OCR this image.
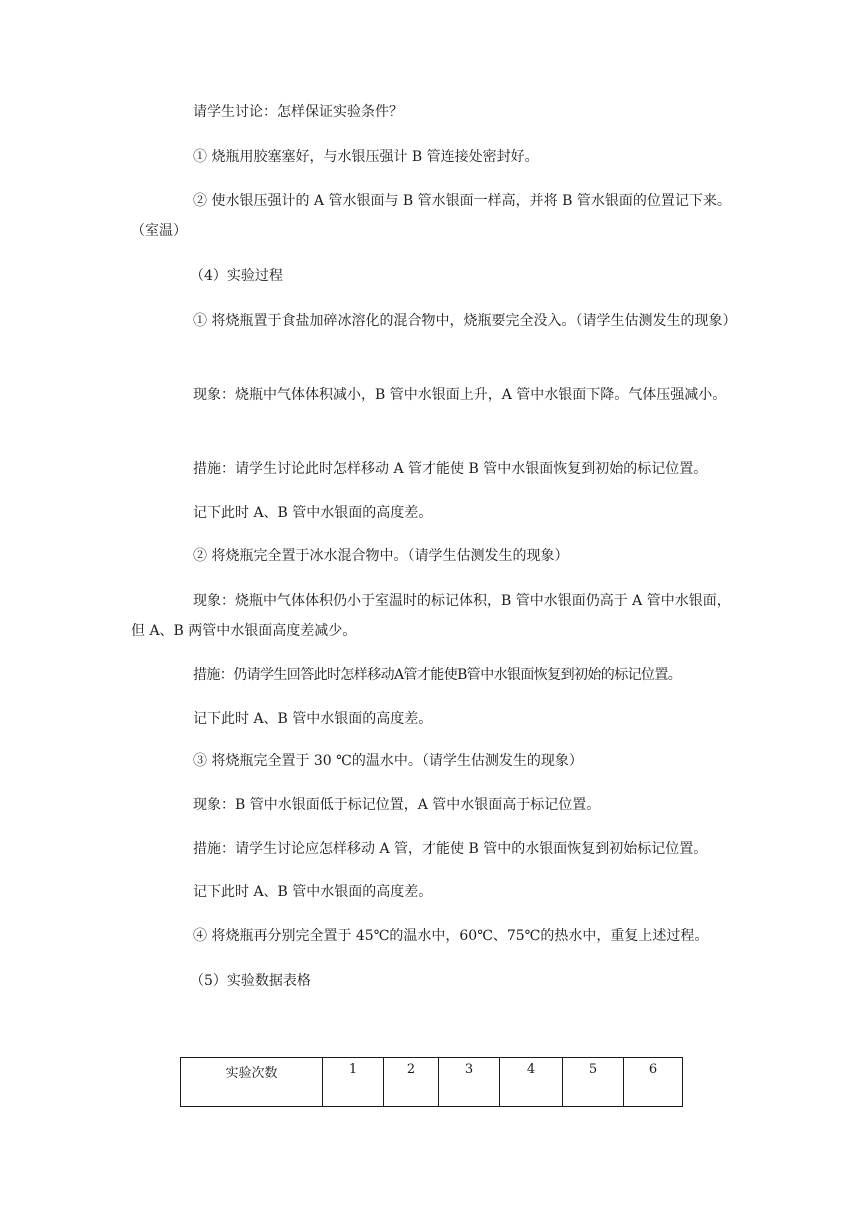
请学生讨论：怎样保证实验条件？

① 烧瓶用胶塞塞好，与水银压强计 B 管连接处密封好。

② 使水银压强计的 A 管水银面与 B 管水银面一样高，并将 B 管水银面的位置记下来。（室温）

（4）实验过程

① 将烧瓶置于食盐加碎冰溶化的混合物中，烧瓶要完全没入。（请学生估测发生的现象）

现象：烧瓶中气体体积减小，B 管中水银面上升，A 管中水银面下降。气体压强减小。

措施：请学生讨论此时怎样移动 A 管才能使 B 管中水银面恢复到初始的标记位置。

记下此时 A、B 管中水银面的高度差。

② 将烧瓶完全置于冰水混合物中。（请学生估测发生的现象）

现象：烧瓶中气体体积仍小于室温时的标记体积，B 管中水银面仍高于 A 管中水银面，但 A、B 两管中水银面高度差减少。

措施：仍请学生回答此时怎样移动A管才能使B管中水银面恢复到初始的标记位置。

记下此时 A、B 管中水银面的高度差。

③ 将烧瓶完全置于 30 ℃的温水中。（请学生估测发生的现象）

现象：B 管中水银面低于标记位置，A 管中水银面高于标记位置。

措施：请学生讨论应怎样移动 A 管，才能使 B 管中的水银面恢复到初始标记位置。

记下此时 A、B 管中水银面的高度差。

④ 将烧瓶再分别完全置于 45℃的温水中，60℃、75℃的热水中，重复上述过程。

（5）实验数据表格

实验次数	1	2	3	4	5	6
